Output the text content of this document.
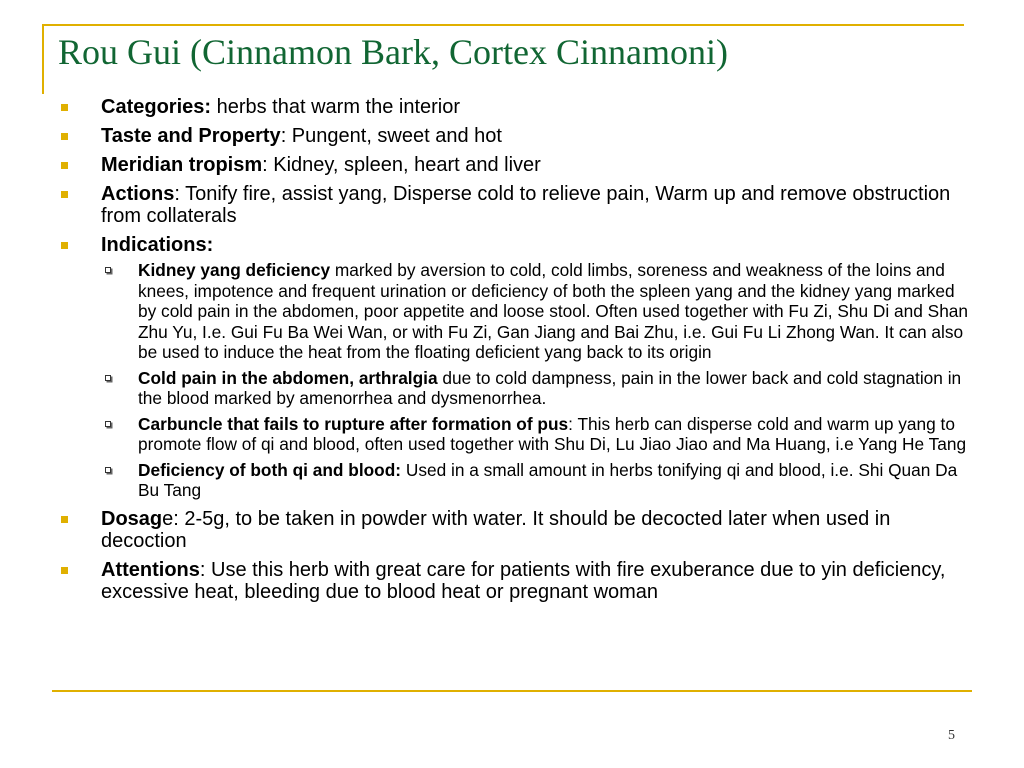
Rou Gui (Cinnamon Bark, Cortex Cinnamoni)
Categories: herbs that warm the interior
Taste and Property: Pungent, sweet and hot
Meridian tropism: Kidney, spleen, heart and liver
Actions: Tonify fire, assist yang, Disperse cold to relieve pain, Warm up and remove obstruction from collaterals
Indications:
Kidney yang deficiency marked by aversion to cold, cold limbs, soreness and weakness of the loins and knees, impotence and frequent urination or deficiency of both the spleen yang and the kidney yang marked by cold pain in the abdomen, poor appetite and loose stool. Often used together with Fu Zi, Shu Di and Shan Zhu Yu, I.e. Gui Fu Ba Wei Wan, or with Fu Zi, Gan Jiang and Bai Zhu, i.e. Gui Fu Li Zhong Wan. It can also be used to induce the heat from the floating deficient yang back to its origin
Cold pain in the abdomen, arthralgia due to cold dampness, pain in the lower back and cold stagnation in the blood marked by amenorrhea and dysmenorrhea.
Carbuncle that fails to rupture after formation of pus: This herb can disperse cold and warm up yang to promote flow of qi and blood, often used together with Shu Di, Lu Jiao Jiao and Ma Huang, i.e Yang He Tang
Deficiency of both qi and blood: Used in a small amount in herbs tonifying qi and blood, i.e. Shi Quan Da Bu Tang
Dosage: 2-5g, to be taken in powder with water. It should be decocted later when used in decoction
Attentions: Use this herb with great care for patients with fire exuberance due to yin deficiency, excessive heat, bleeding due to blood heat or pregnant woman
5
